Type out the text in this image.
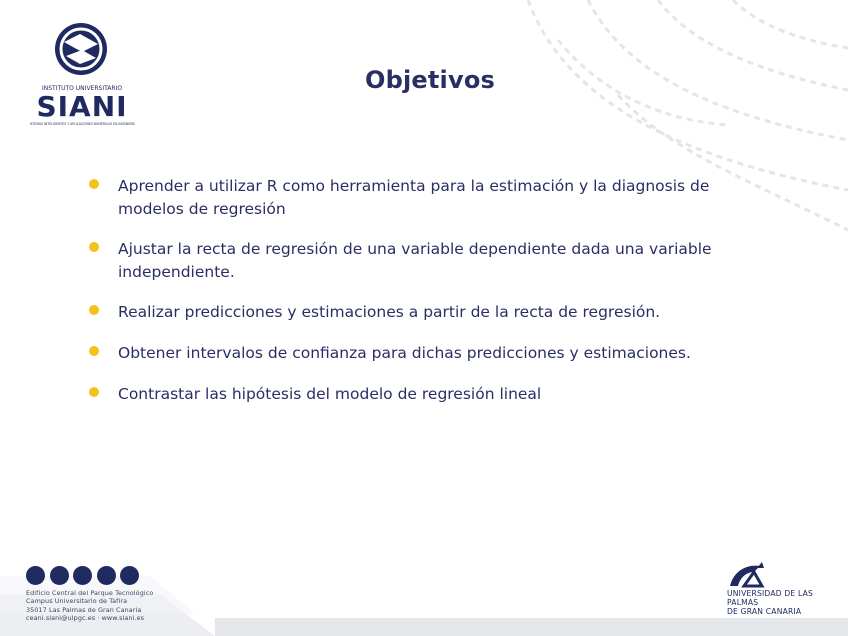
INSTITUTO UNIVERSITARIO
SIANI
SISTEMAS INTELIGENTES Y APLICACIONES NUMÉRICAS EN INGENIERÍA
Objetivos
Aprender a utilizar R como herramienta para la estimación y la diagnosis de modelos de regresión
Ajustar la recta de regresión de una variable dependiente dada una variable independiente.
Realizar predicciones y estimaciones a partir de la recta de regresión.
Obtener intervalos de confianza para dichas predicciones y estimaciones.
Contrastar las hipótesis del modelo de regresión lineal
Edificio Central del Parque Tecnológico
Campus Universitario de Tafira
35017 Las Palmas de Gran Canaria
ceani.siani@ulpgc.es · www.siani.es
UNIVERSIDAD DE LAS PALMAS
DE GRAN CANARIA
